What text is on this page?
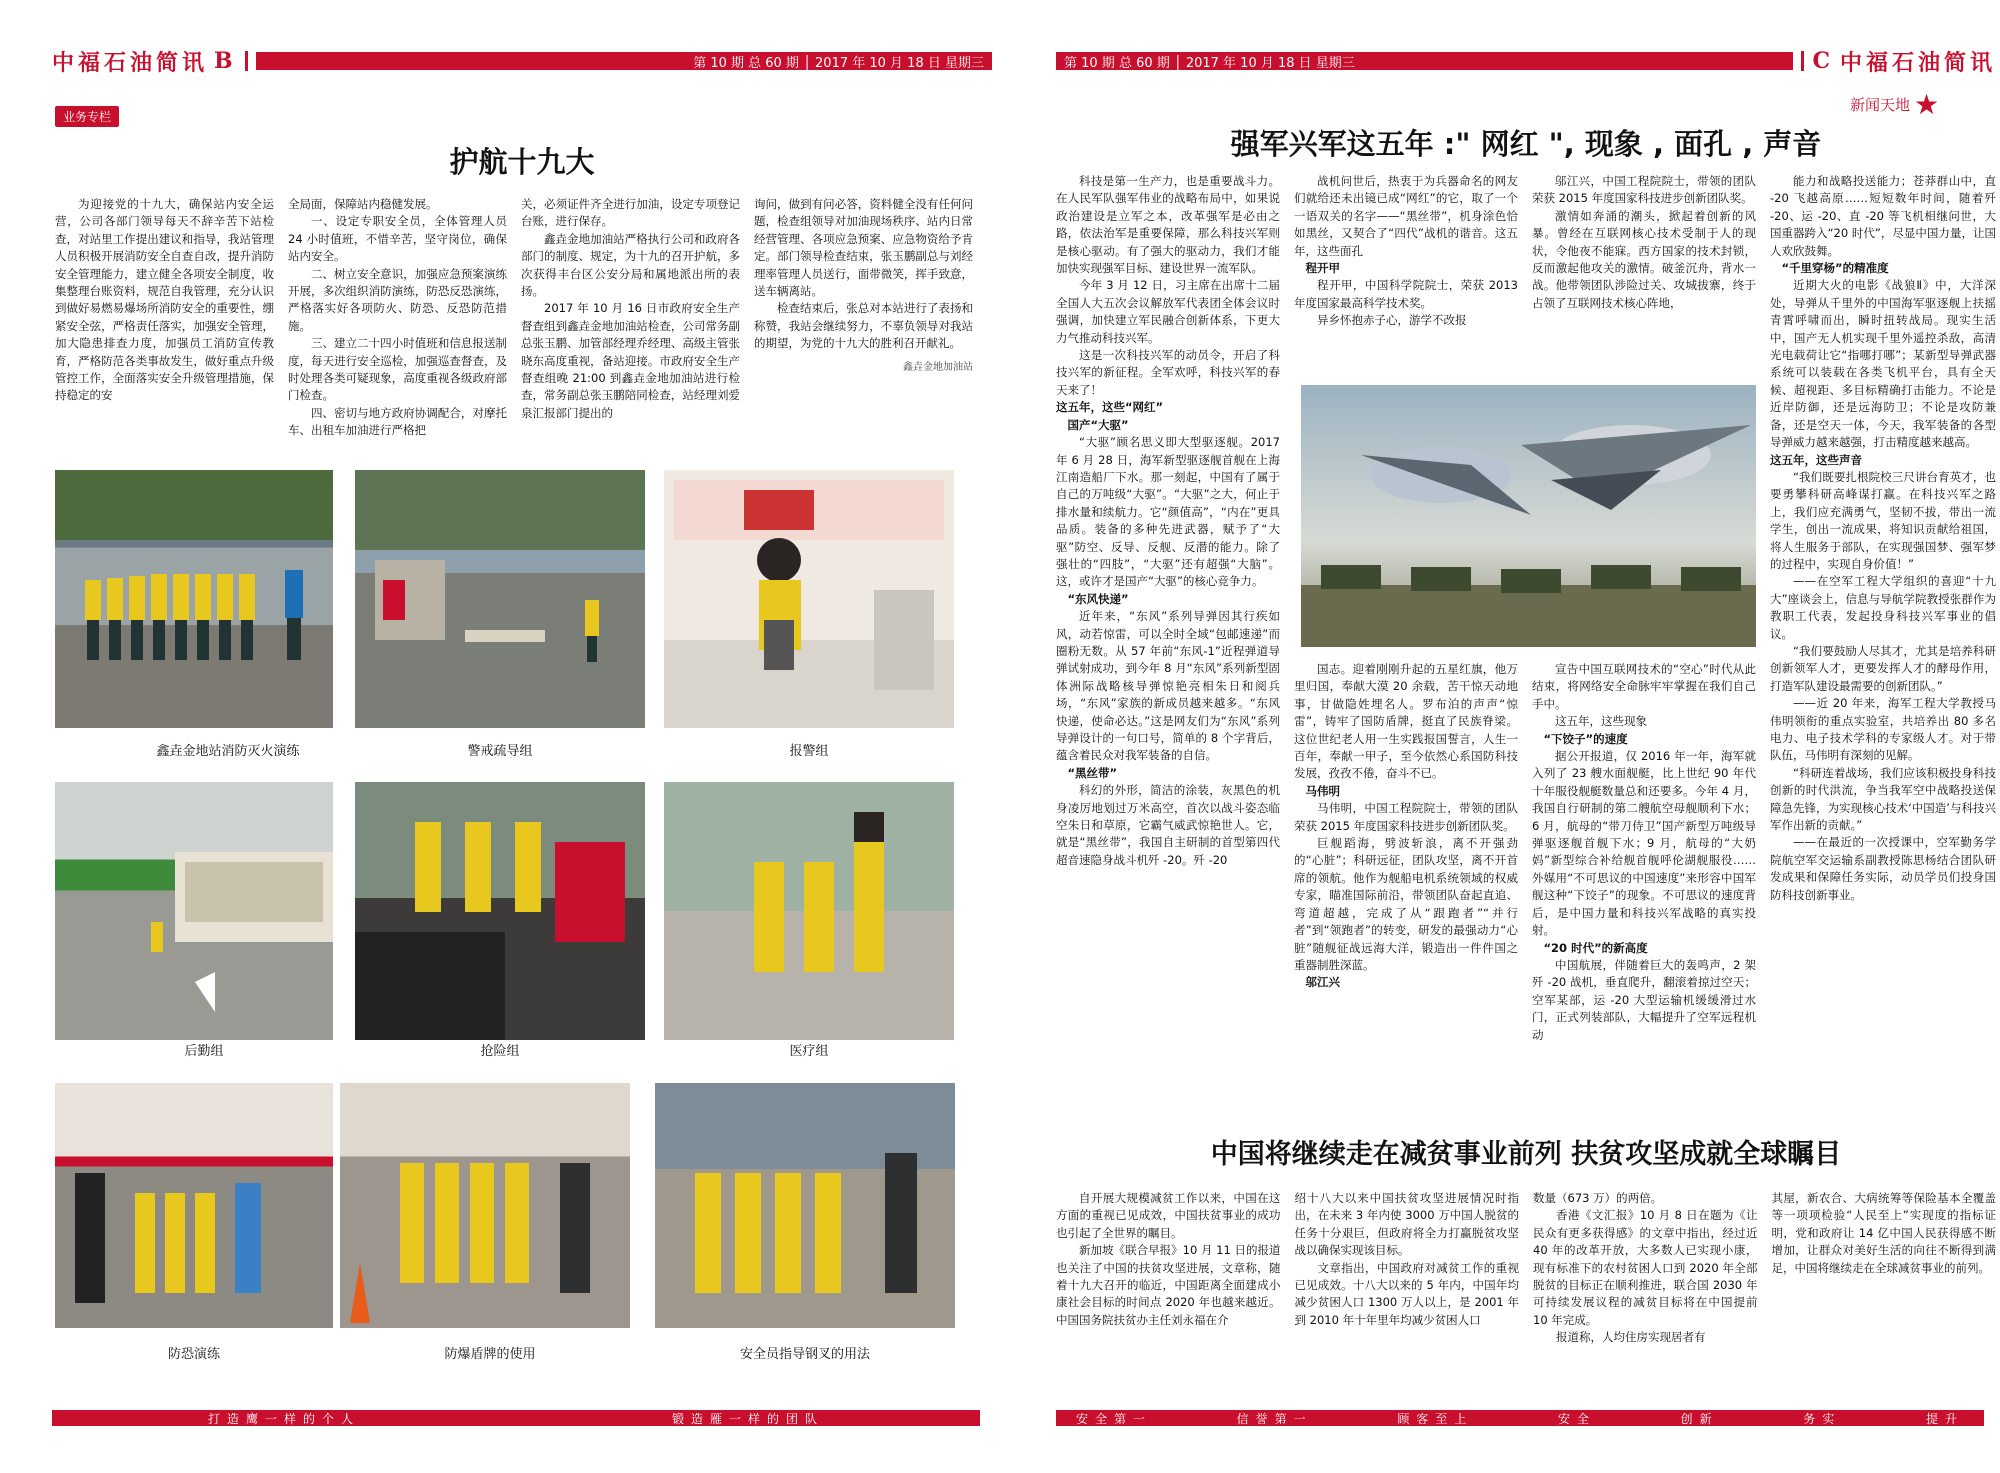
中福石油简讯 B	第 10 期 总 60 期 │ 2017 年 10 月 18 日 星期三
业务专栏
护航十九大

为迎接党的十九大，确保站内安全运营，公司各部门领导每天不辞辛苦下站检查，对站里工作提出建议和指导，我站管理人员积极开展消防安全自查自改，提升消防安全管理能力，建立健全各项安全制度，收集整理台账资料，规范自我管理，充分认识到做好易燃易爆场所消防安全的重要性，绷紧安全弦，严格责任落实，加强安全管理，加大隐患排查力度，加强员工消防宣传教育，严格防范各类事故发生，做好重点升级管控工作，全面落实安全升级管理措施，保持稳定的安

全局面，保障站内稳健发展。

一、设定专职安全员，全体管理人员 24 小时值班，不惜辛苦，坚守岗位，确保站内安全。

二、树立安全意识，加强应急预案演练开展，多次组织消防演练，防恐反恐演练，严格落实好各项防火、防恐、反恐防范措施。

三、建立二十四小时值班和信息报送制度，每天进行安全巡检，加强巡查督查，及时处理各类可疑现象，高度重视各级政府部门检查。

四、密切与地方政府协调配合，对摩托车、出租车加油进行严格把

关，必须证件齐全进行加油，设定专项登记台账，进行保存。

鑫垚金地加油站严格执行公司和政府各部门的制度、规定，为十九的召开护航，多次获得丰台区公安分局和属地派出所的表扬。

2017 年 10 月 16 日市政府安全生产督查组到鑫垚金地加油站检查，公司常务副总张玉鹏、加管部经理乔经理、高级主管张晓东高度重视，备站迎接。市政府安全生产督查组晚 21:00 到鑫垚金地加油站进行检查，常务副总张玉鹏陪同检查，站经理刘爱泉汇报部门提出的

询问，做到有问必答，资料健全没有任何问题，检查组领导对加油现场秩序、站内日常经营管理、各项应急预案、应急物资给予肯定。部门领导检查结束，张玉鹏副总与刘经理率管理人员送行，面带微笑，挥手致意，送车辆离站。

检查结束后，张总对本站进行了表扬和称赞，我站会继续努力，不辜负领导对我站的期望，为党的十九大的胜利召开献礼。

鑫垚金地加油站

鑫垚金地站消防灭火演练	警戒疏导组	报警组
后勤组	抢险组	医疗组
防恐演练	防爆盾牌的使用	安全员指导钢叉的用法
打造鹰一样的个人	锻造雁一样的团队
第 10 期 总 60 期 │ 2017 年 10 月 18 日 星期三	C 中福石油简讯
新闻天地 ★
强军兴军这五年 :" 网红 ", 现象 , 面孔 , 声音

科技是第一生产力，也是重要战斗力。在人民军队强军伟业的战略布局中，如果说政治建设是立军之本，改革强军是必由之路，依法治军是重要保障，那么科技兴军则是核心驱动。有了强大的驱动力，我们才能加快实现强军目标、建设世界一流军队。

今年 3 月 12 日，习主席在出席十二届全国人大五次会议解放军代表团全体会议时强调，加快建立军民融合创新体系，下更大力气推动科技兴军。

这是一次科技兴军的动员令，开启了科技兴军的新征程。全军欢呼，科技兴军的春天来了！

这五年，这些“网红”

国产“大驱”

“大驱”顾名思义即大型驱逐舰。2017 年 6 月 28 日，海军新型驱逐舰首舰在上海江南造船厂下水。那一刻起，中国有了属于自己的万吨级“大驱”。“大驱”之大，何止于排水量和续航力。它“颜值高”，“内在”更具品质。装备的多种先进武器，赋予了“大驱”防空、反导、反舰、反潜的能力。除了强壮的“四肢”，“大驱”还有超强“大脑”。这，或许才是国产“大驱”的核心竞争力。

“东风快递”

近年来，“东风”系列导弹因其行疾如风，动若惊雷，可以全时全域“包邮速递”而圈粉无数。从 57 年前“东风-1”近程弹道导弹试射成功，到今年 8 月“东风”系列新型固体洲际战略核导弹惊艳亮相朱日和阅兵场，“东风”家族的新成员越来越多。“东风快递，使命必达。”这是网友们为“东风”系列导弹设计的一句口号，简单的 8 个字背后，蕴含着民众对我军装备的自信。

“黑丝带”

科幻的外形，简洁的涂装，灰黑色的机身凌厉地划过万米高空，首次以战斗姿态临空朱日和草原，它霸气威武惊艳世人。它，就是“黑丝带”，我国自主研制的首型第四代超音速隐身战斗机歼 -20。歼 -20

战机问世后，热衷于为兵器命名的网友们就给还未出镜已成“网红”的它，取了一个一语双关的名字——“黑丝带”，机身涂色恰如黑丝，又契合了“四代”战机的谐音。这五年，这些面孔

程开甲

程开甲，中国科学院院士，荣获 2013 年度国家最高科学技术奖。

异乡怀抱赤子心，游学不改报

邬江兴，中国工程院院士，带领的团队荣获 2015 年度国家科技进步创新团队奖。

激情如奔涌的潮头，掀起着创新的风暴。曾经在互联网核心技术受制于人的现状，令他夜不能寐。西方国家的技术封锁，反而激起他攻关的激情。破釜沉舟，背水一战。他带领团队涉险过关、攻城拔寨，终于占领了互联网技术核心阵地，

能力和战略投送能力；苍莽群山中，直 -20 飞越高原……短短数年时间，随着歼 -20、运 -20、直 -20 等飞机相继问世，大国重器跨入“20 时代”，尽显中国力量，让国人欢欣鼓舞。

“千里穿杨”的精准度

近期大火的电影《战狼Ⅱ》中，大洋深处，导弹从千里外的中国海军驱逐舰上扶摇青霄呼啸而出，瞬时扭转战局。现实生活中，国产无人机实现千里外遥控杀敌，高清光电载荷让它“指哪打哪”；某新型导弹武器系统可以装载在各类飞机平台，具有全天候、超视距、多目标精确打击能力。不论是近岸防御，还是远海防卫；不论是攻防兼备，还是空天一体，今天，我军装备的各型导弹威力越来越强，打击精度越来越高。

这五年，这些声音

“我们既要扎根院校三尺讲台育英才，也要勇攀科研高峰谋打赢。在科技兴军之路上，我们应充满勇气，坚韧不拔，带出一流学生，创出一流成果，将知识贡献给祖国，将人生服务于部队，在实现强国梦、强军梦的过程中，实现自身价值！”

——在空军工程大学组织的喜迎“十九大”座谈会上，信息与导航学院教授张群作为教职工代表，发起投身科技兴军事业的倡议。

“我们要鼓励人尽其才，尤其是培养科研创新领军人才，更要发挥人才的酵母作用，打造军队建设最需要的创新团队。”

——近 20 年来，海军工程大学教授马伟明领衔的重点实验室，共培养出 80 多名电力、电子技术学科的专家级人才。对于带队伍，马伟明有深刻的见解。

“科研连着战场，我们应该积极投身科技创新的时代洪流，争当我军空中战略投送保障急先锋，为实现核心技术‘中国造’与科技兴军作出新的贡献。”

——在最近的一次授课中，空军勤务学院航空军交运输系副教授陈思杨结合团队研发成果和保障任务实际，动员学员们投身国防科技创新事业。

国志。迎着刚刚升起的五星红旗，他万里归国，奉献大漠 20 余载，苦干惊天动地事，甘做隐姓埋名人。罗布泊的声声“惊雷”，铸牢了国防盾牌，挺直了民族脊梁。这位世纪老人用一生实践报国誓言，人生一百年，奉献一甲子，至今依然心系国防科技发展，孜孜不倦，奋斗不已。

马伟明

马伟明，中国工程院院士，带领的团队荣获 2015 年度国家科技进步创新团队奖。

巨舰蹈海，劈波斩浪，离不开强劲的“心脏”；科研远征，团队攻坚，离不开首席的领航。他作为舰船电机系统领域的权威专家，瞄准国际前沿，带领团队奋起直追、弯道超越，完成了从“跟跑者”“并行者”到“领跑者”的转变，研发的最强动力“心脏”随舰征战远海大洋，锻造出一件件国之重器制胜深蓝。

邬江兴

宣告中国互联网技术的“空心”时代从此结束，将网络安全命脉牢牢掌握在我们自己手中。

这五年，这些现象

“下饺子”的速度

据公开报道，仅 2016 年一年，海军就入列了 23 艘水面舰艇，比上世纪 90 年代十年服役舰艇数量总和还要多。今年 4 月，我国自行研制的第二艘航空母舰顺利下水；6 月，航母的“带刀侍卫”国产新型万吨级导弹驱逐舰首舰下水；9 月，航母的“大奶妈”新型综合补给舰首舰呼伦湖舰服役……外媒用“不可思议的中国速度”来形容中国军舰这种“下饺子”的现象。不可思议的速度背后，是中国力量和科技兴军战略的真实投射。

“20 时代”的新高度

中国航展，伴随着巨大的轰鸣声，2 架歼 -20 战机，垂直爬升，翻滚着掠过空天；空军某部，运 -20 大型运输机缓缓滑过水门，正式列装部队，大幅提升了空军远程机动

中国将继续走在减贫事业前列 扶贫攻坚成就全球瞩目

自开展大规模减贫工作以来，中国在这方面的重视已见成效，中国扶贫事业的成功也引起了全世界的瞩目。

新加坡《联合早报》10 月 11 日的报道也关注了中国的扶贫攻坚进展，文章称，随着十九大召开的临近，中国距离全面建成小康社会目标的时间点 2020 年也越来越近。中国国务院扶贫办主任刘永福在介

绍十八大以来中国扶贫攻坚进展情况时指出，在未来 3 年内使 3000 万中国人脱贫的任务十分艰巨，但政府将全力打赢脱贫攻坚战以确保实现该目标。

文章指出，中国政府对减贫工作的重视已见成效。十八大以来的 5 年内，中国年均减少贫困人口 1300 万人以上，是 2001 年到 2010 年十年里年均减少贫困人口

数量（673 万）的两倍。

香港《文汇报》10 月 8 日在题为《让民众有更多获得感》的文章中指出，经过近 40 年的改革开放，大多数人已实现小康，现有标准下的农村贫困人口到 2020 年全部脱贫的目标正在顺利推进，联合国 2030 年可持续发展议程的减贫目标将在中国提前 10 年完成。

报道称，人均住房实现居者有

其屋，新农合、大病统筹等保险基本全覆盖等一项项检验“人民至上”实现度的指标证明，党和政府让 14 亿中国人民获得感不断增加，让群众对美好生活的向往不断得到满足，中国将继续走在全球减贫事业的前列。

安全第一	信誉第一	顾客至上	安全	创新	务实	提升
